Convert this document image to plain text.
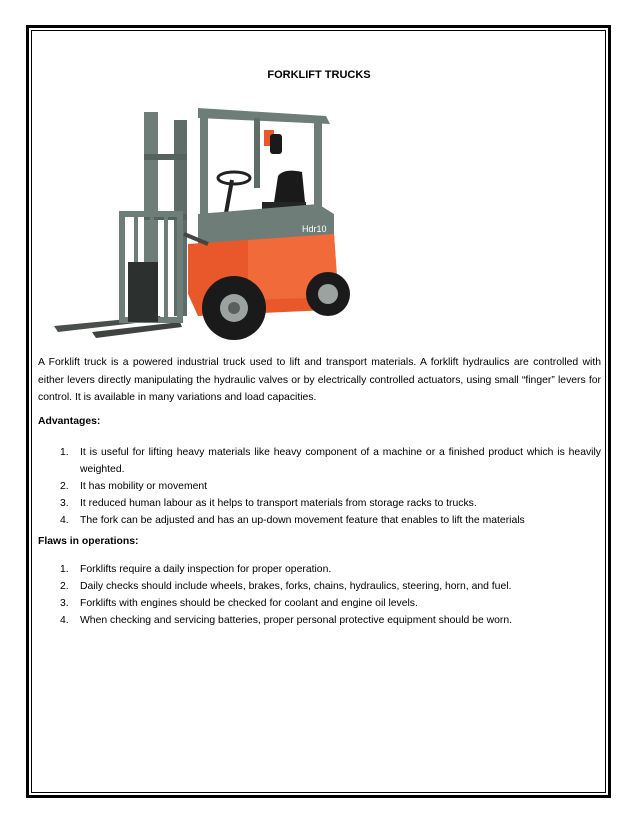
FORKLIFT TRUCKS
Hdr10
A Forklift truck is a powered industrial truck used to lift and transport materials. A forklift hydraulics are controlled with either levers directly manipulating the hydraulic valves or by electrically controlled actuators, using small “finger” levers for control. It is available in many variations and load capacities.
Advantages:
1. It is useful for lifting heavy materials like heavy component of a machine or a finished product which is heavily weighted.
2. It has mobility or movement
3. It reduced human labour as it helps to transport materials from storage racks to trucks.
4. The fork can be adjusted and has an up-down movement feature that enables to lift the materials
Flaws in operations:
1. Forklifts require a daily inspection for proper operation.
2. Daily checks should include wheels, brakes, forks, chains, hydraulics, steering, horn, and fuel.
3. Forklifts with engines should be checked for coolant and engine oil levels.
4. When checking and servicing batteries, proper personal protective equipment should be worn.
